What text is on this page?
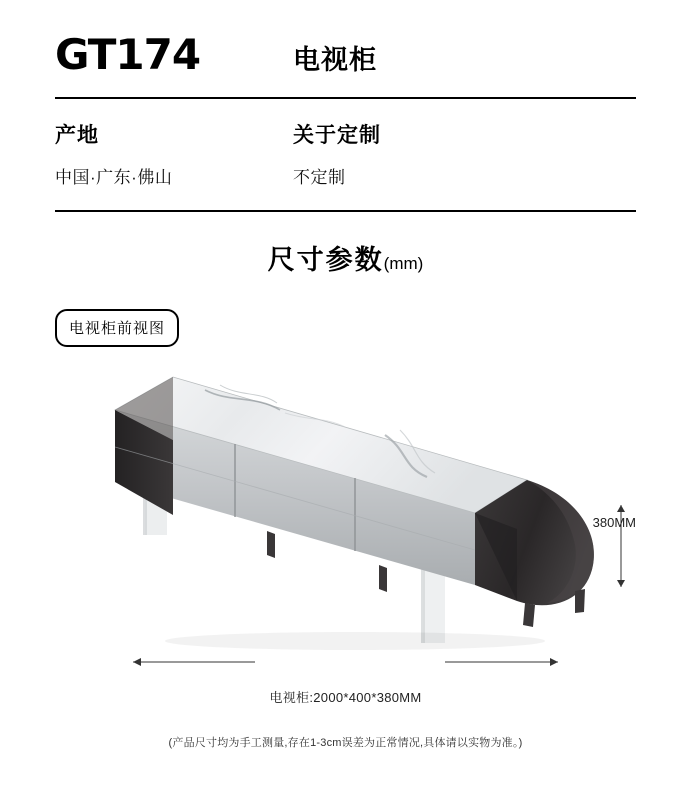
GT174	电视柜
产地
中国·广东·佛山
关于定制
不定制
尺寸参数(mm)
电视柜前视图
380MM
电视柜:2000*400*380MM
(产品尺寸均为手工测量,存在1-3cm误差为正常情况,具体请以实物为准。)
